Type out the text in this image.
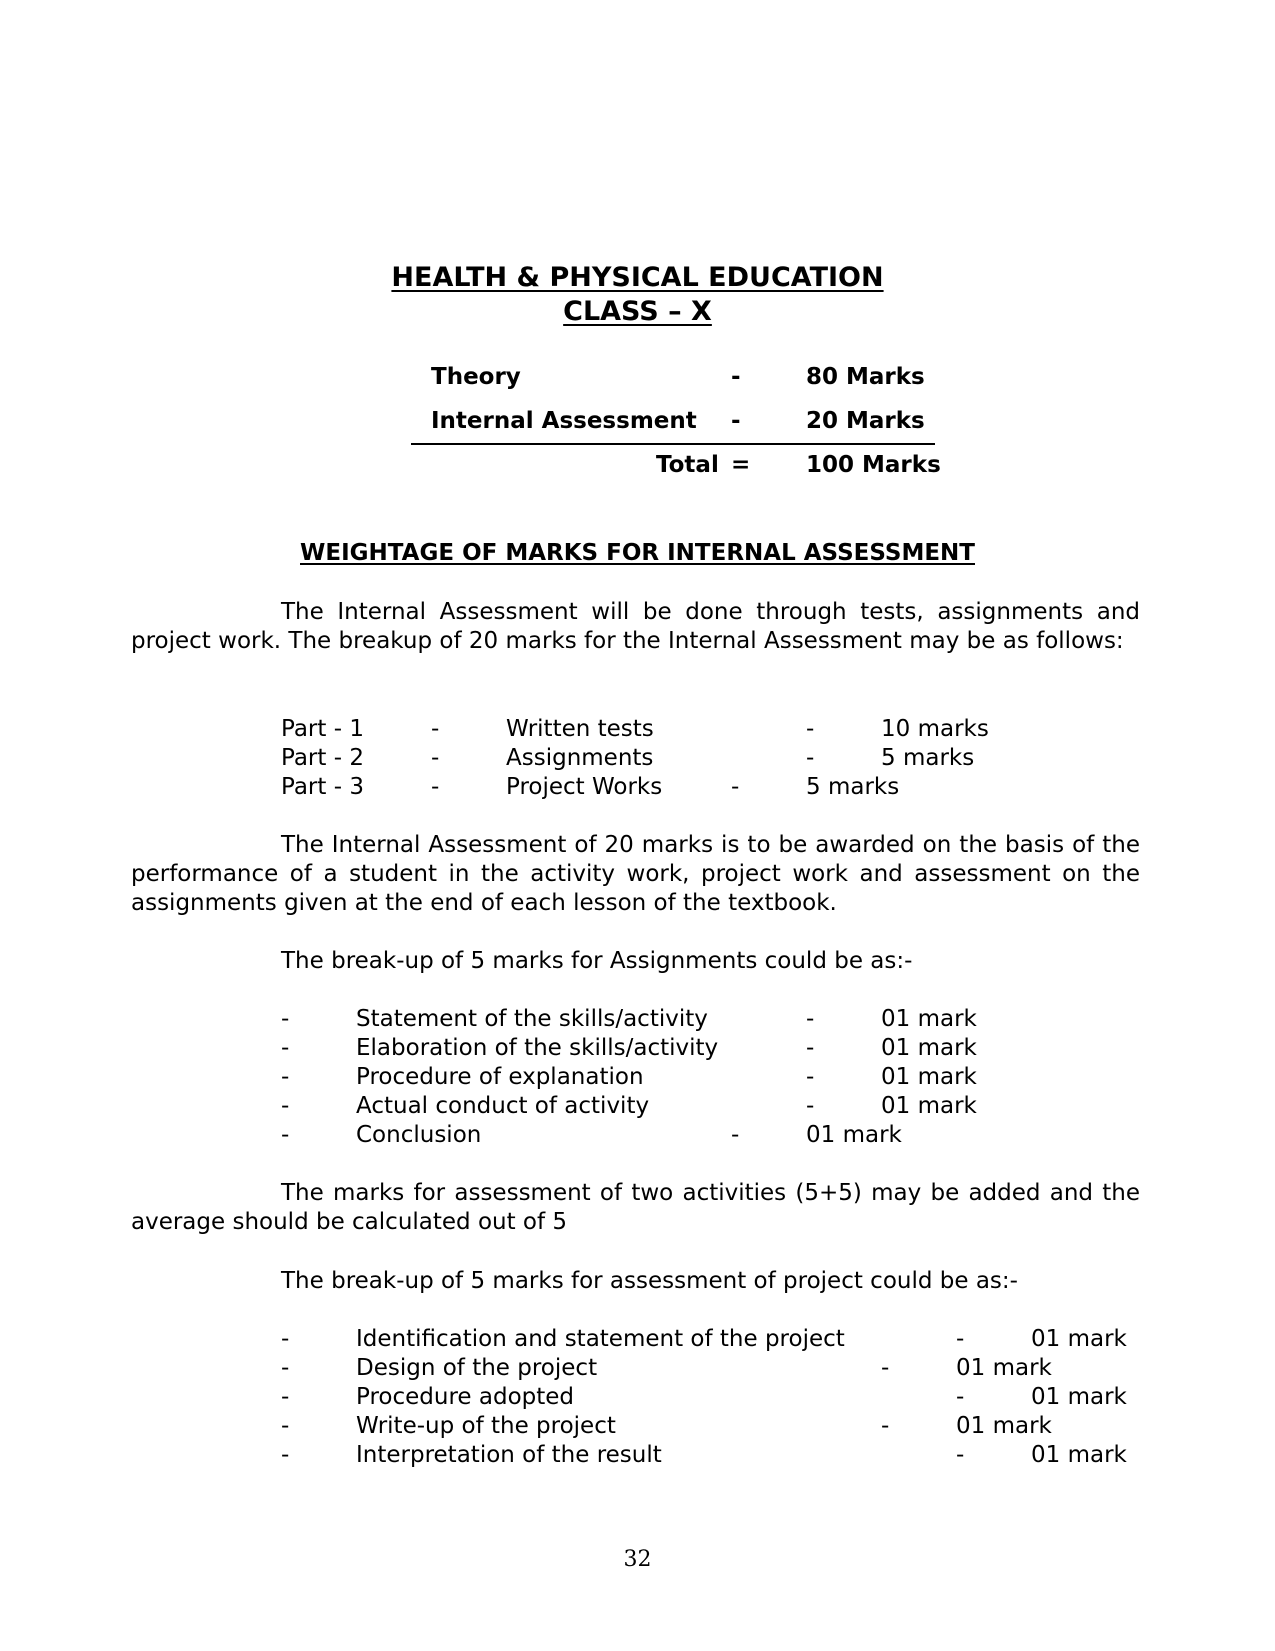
HEALTH & PHYSICAL EDUCATION
CLASS – X
Theory	-	80 Marks
Internal Assessment -	20 Marks
Total = 100 Marks
WEIGHTAGE OF MARKS FOR INTERNAL ASSESSMENT
The Internal Assessment will be done through tests, assignments and project work. The breakup of 20 marks for the Internal Assessment may be as follows:
Part - 1	-	Written tests	-	10 marks
Part - 2	-	Assignments	-	5 marks
Part - 3	-	Project Works	-	5 marks
The Internal Assessment of 20 marks is to be awarded on the basis of the performance of a student in the activity work, project work and assessment on the assignments given at the end of each lesson of the textbook.
The break-up of 5 marks for Assignments could be as:-
-	Statement of the skills/activity	-	01 mark
-	Elaboration of the skills/activity	-	01 mark
-	Procedure of explanation	-	01 mark
-	Actual conduct of activity	-	01 mark
-	Conclusion	-	01 mark
The marks for assessment of two activities (5+5) may be added and the average should be calculated out of 5
The break-up of 5 marks for assessment of project could be as:-
-	Identification and statement of the project	-	01 mark
-	Design of the project	-	01 mark
-	Procedure adopted	-	01 mark
-	Write-up of the project	-	01 mark
-	Interpretation of the result	-	01 mark
32
